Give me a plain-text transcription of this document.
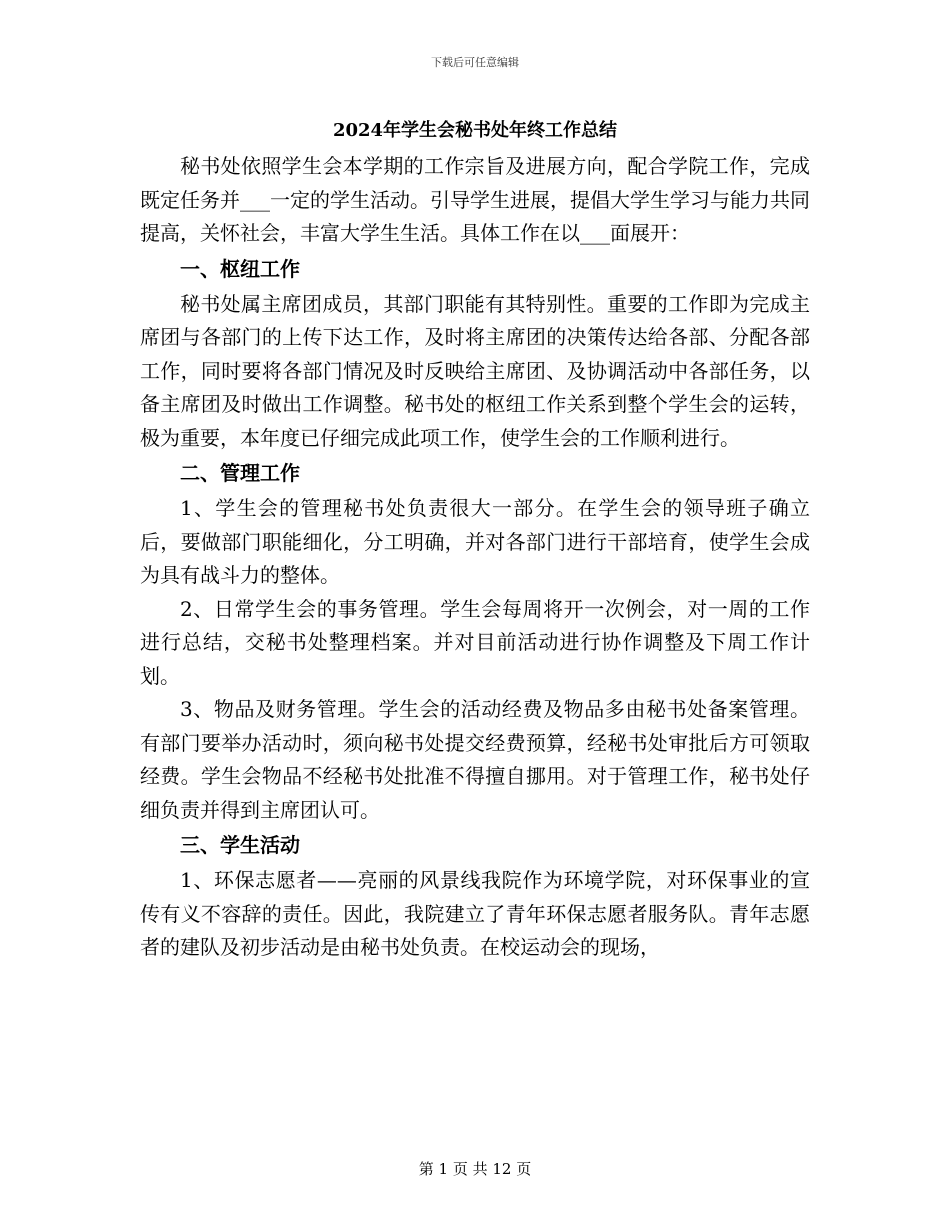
下载后可任意编辑
2024年学生会秘书处年终工作总结

秘书处依照学生会本学期的工作宗旨及进展方向，配合学院工作，完成既定任务并___一定的学生活动。引导学生进展，提倡大学生学习与能力共同提高，关怀社会，丰富大学生生活。具体工作在以___面展开：

一、枢纽工作

秘书处属主席团成员，其部门职能有其特别性。重要的工作即为完成主席团与各部门的上传下达工作，及时将主席团的决策传达给各部、分配各部工作，同时要将各部门情况及时反映给主席团、及协调活动中各部任务，以备主席团及时做出工作调整。秘书处的枢纽工作关系到整个学生会的运转，极为重要，本年度已仔细完成此项工作，使学生会的工作顺利进行。

二、管理工作

1、学生会的管理秘书处负责很大一部分。在学生会的领导班子确立后，要做部门职能细化，分工明确，并对各部门进行干部培育，使学生会成为具有战斗力的整体。

2、日常学生会的事务管理。学生会每周将开一次例会，对一周的工作进行总结，交秘书处整理档案。并对目前活动进行协作调整及下周工作计划。

3、物品及财务管理。学生会的活动经费及物品多由秘书处备案管理。有部门要举办活动时，须向秘书处提交经费预算，经秘书处审批后方可领取经费。学生会物品不经秘书处批准不得擅自挪用。对于管理工作，秘书处仔细负责并得到主席团认可。

三、学生活动

1、环保志愿者——亮丽的风景线我院作为环境学院，对环保事业的宣传有义不容辞的责任。因此，我院建立了青年环保志愿者服务队。青年志愿者的建队及初步活动是由秘书处负责。在校运动会的现场，

第 1 页 共 12 页
